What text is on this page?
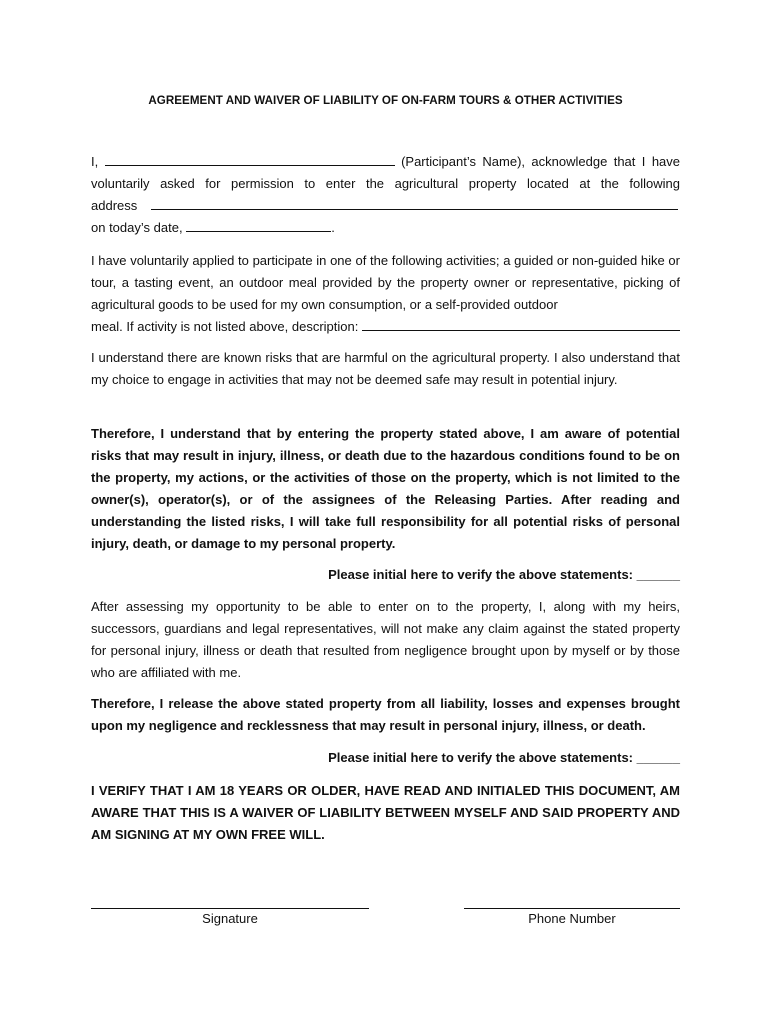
AGREEMENT AND WAIVER OF LIABILITY OF ON-FARM TOURS & OTHER ACTIVITIES
I,	(Participant’s Name), acknowledge that I have
voluntarily asked for permission to enter the agricultural property located at the following
address
on today’s date,	.
I have voluntarily applied to participate in one of the following activities; a guided or non-guided hike or tour, a tasting event, an outdoor meal provided by the property owner or representative, picking of agricultural goods to be used for my own consumption, or a self-provided outdoor
meal. If activity is not listed above, description:
I understand there are known risks that are harmful on the agricultural property. I also understand that my choice to engage in activities that may not be deemed safe may result in potential injury.
Therefore, I understand that by entering the property stated above, I am aware of potential risks that may result in injury, illness, or death due to the hazardous conditions found to be on the property, my actions, or the activities of those on the property, which is not limited to the owner(s), operator(s), or of the assignees of the Releasing Parties. After reading and understanding the listed risks, I will take full responsibility for all potential risks of personal injury, death, or damage to my personal property.
Please initial here to verify the above statements: ______
After assessing my opportunity to be able to enter on to the property, I, along with my heirs, successors, guardians and legal representatives, will not make any claim against the stated property for personal injury, illness or death that resulted from negligence brought upon by myself or by those who are affiliated with me.
Therefore, I release the above stated property from all liability, losses and expenses brought upon my negligence and recklessness that may result in personal injury, illness, or death.
Please initial here to verify the above statements: ______
I VERIFY THAT I AM 18 YEARS OR OLDER, HAVE READ AND INITIALED THIS DOCUMENT, AM AWARE THAT THIS IS A WAIVER OF LIABILITY BETWEEN MYSELF AND SAID PROPERTY AND AM SIGNING AT MY OWN FREE WILL.
Signature	Phone Number
